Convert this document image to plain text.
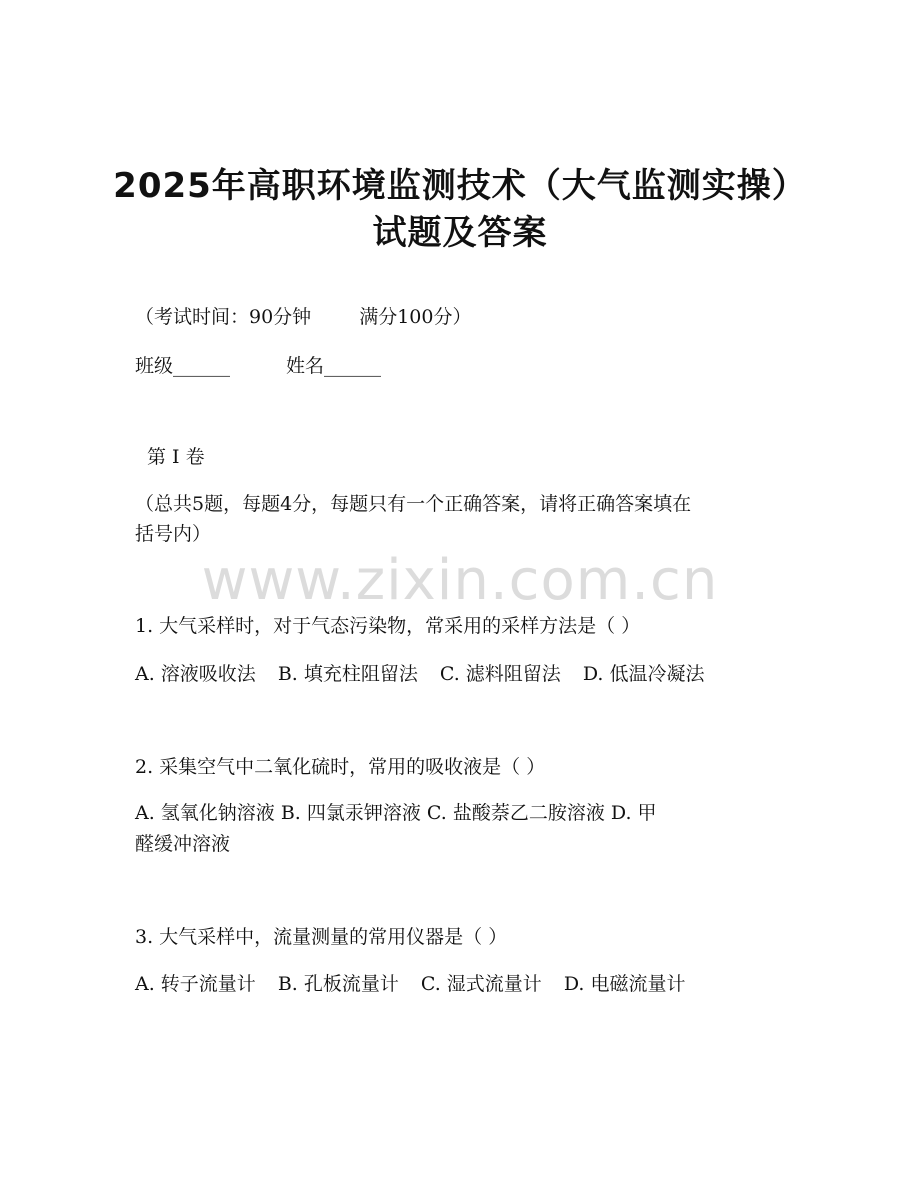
2025年高职环境监测技术（大气监测实操）
试题及答案
（考试时间：90分钟	满分100分）
班级______	姓名______
第 I 卷
（总共5题，每题4分，每题只有一个正确答案，请将正确答案填在
括号内）
www.zixin.com.cn
1. 大气采样时，对于气态污染物，常采用的采样方法是（ ）
A. 溶液吸收法 B. 填充柱阻留法 C. 滤料阻留法 D. 低温冷凝法
2. 采集空气中二氧化硫时，常用的吸收液是（ ）
A. 氢氧化钠溶液 B. 四氯汞钾溶液 C. 盐酸萘乙二胺溶液 D. 甲
醛缓冲溶液
3. 大气采样中，流量测量的常用仪器是（ ）
A. 转子流量计 B. 孔板流量计 C. 湿式流量计 D. 电磁流量计
